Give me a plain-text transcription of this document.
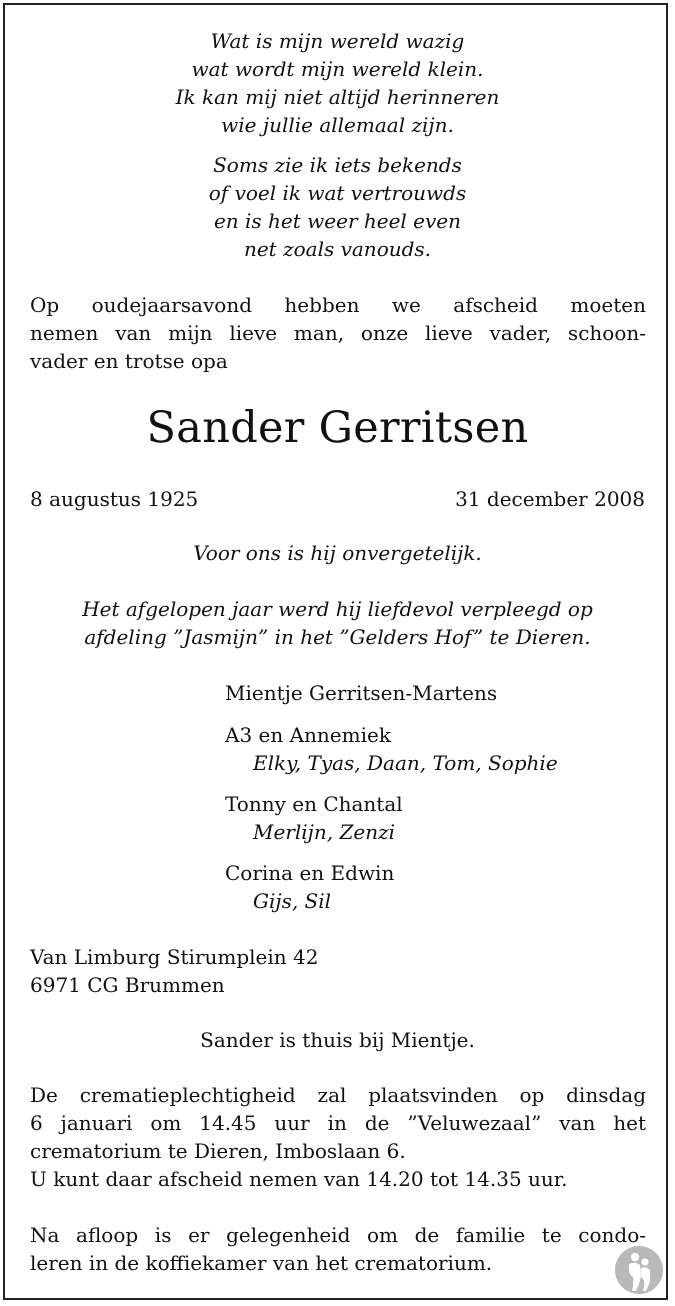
Wat is mijn wereld wazig

wat wordt mijn wereld klein.

Ik kan mij niet altijd herinneren

wie jullie allemaal zijn.

Soms zie ik iets bekends

of voel ik wat vertrouwds

en is het weer heel even

net zoals vanouds.

Op oudejaarsavond hebben we afscheid moeten
nemen van mijn lieve man, onze lieve vader, schoon-
vader en trotse opa

Sander Gerritsen

8 augustus 1925	31 december 2008

Voor ons is hij onvergetelijk.

Het afgelopen jaar werd hij liefdevol verpleegd op

afdeling ”Jasmijn” in het ”Gelders Hof” te Dieren.

Mientje Gerritsen-Martens

A3 en Annemiek

Elky, Tyas, Daan, Tom, Sophie

Tonny en Chantal

Merlijn, Zenzi

Corina en Edwin

Gijs, Sil

Van Limburg Stirumplein 42

6971 CG Brummen

Sander is thuis bij Mientje.

De crematieplechtigheid zal plaatsvinden op dinsdag
6 januari om 14.45 uur in de ”Veluwezaal” van het
crematorium te Dieren, Imboslaan 6.
U kunt daar afscheid nemen van 14.20 tot 14.35 uur.
Na afloop is er gelegenheid om de familie te condo-
leren in de koffiekamer van het crematorium.
